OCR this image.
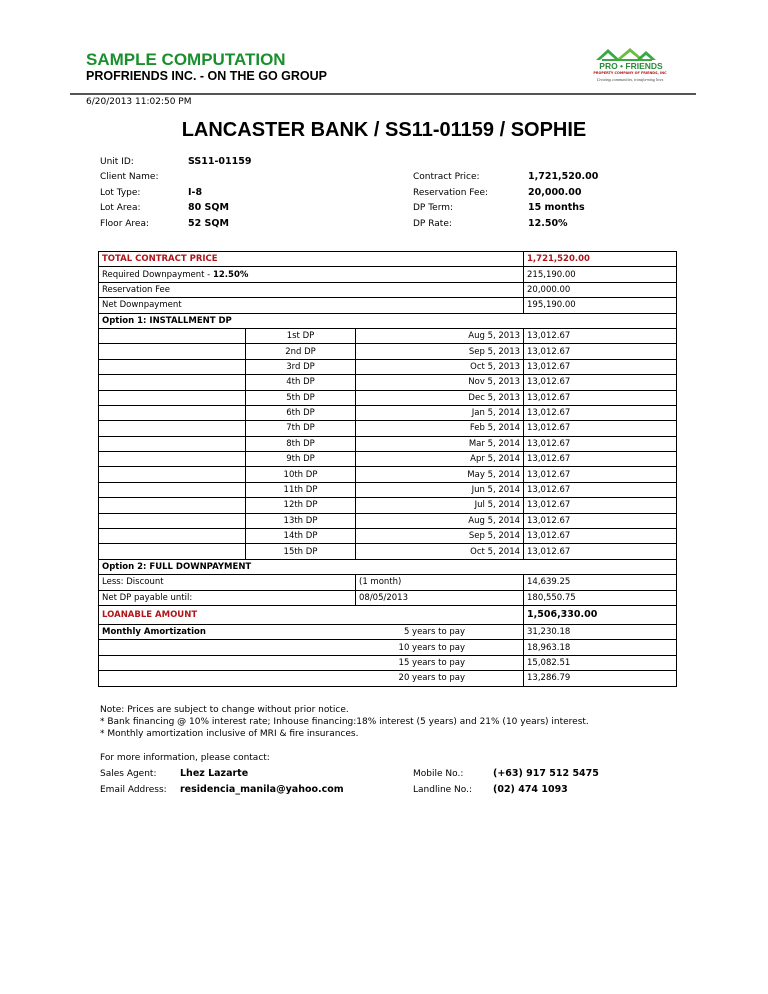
SAMPLE COMPUTATION
PROFRIENDS INC. - ON THE GO GROUP
PRO • FRIENDS
PROPERTY COMPANY OF FRIENDS, INC
Creating communities, transforming lives
6/20/2013 11:02:50 PM
LANCASTER BANK / SS11-01159 / SOPHIE
Unit ID:	SS11-01159
Client Name:
Lot Type:	I-8
Lot Area:	80 SQM
Floor Area:	52 SQM
Contract Price:	1,721,520.00
Reservation Fee:	20,000.00
DP Term:	15 months
DP Rate:	12.50%
TOTAL CONTRACT PRICE			1,721,520.00
Required Downpayment - 12.50%			215,190.00
Reservation Fee			20,000.00
Net Downpayment			195,190.00
Option 1: INSTALLMENT DP			
	1st DP	Aug 5, 2013	13,012.67
	2nd DP	Sep 5, 2013	13,012.67
	3rd DP	Oct 5, 2013	13,012.67
	4th DP	Nov 5, 2013	13,012.67
	5th DP	Dec 5, 2013	13,012.67
	6th DP	Jan 5, 2014	13,012.67
	7th DP	Feb 5, 2014	13,012.67
	8th DP	Mar 5, 2014	13,012.67
	9th DP	Apr 5, 2014	13,012.67
	10th DP	May 5, 2014	13,012.67
	11th DP	Jun 5, 2014	13,012.67
	12th DP	Jul 5, 2014	13,012.67
	13th DP	Aug 5, 2014	13,012.67
	14th DP	Sep 5, 2014	13,012.67
	15th DP	Oct 5, 2014	13,012.67
Option 2: FULL DOWNPAYMENT			
Less: Discount		(1 month)	14,639.25
Net DP payable until:		08/05/2013	180,550.75
LOANABLE AMOUNT			1,506,330.00
Monthly Amortization	5 years to pay		31,230.18
	10 years to pay		18,963.18
	15 years to pay		15,082.51
	20 years to pay		13,286.79
Note: Prices are subject to change without prior notice.
* Bank financing @ 10% interest rate; Inhouse financing:18% interest (5 years) and 21% (10 years) interest.
* Monthly amortization inclusive of MRI & fire insurances.
For more information, please contact:
Sales Agent: Lhez Lazarte
Email Address: residencia_manila@yahoo.com
Mobile No.:	(+63) 917 512 5475
Landline No.: (02) 474 1093
